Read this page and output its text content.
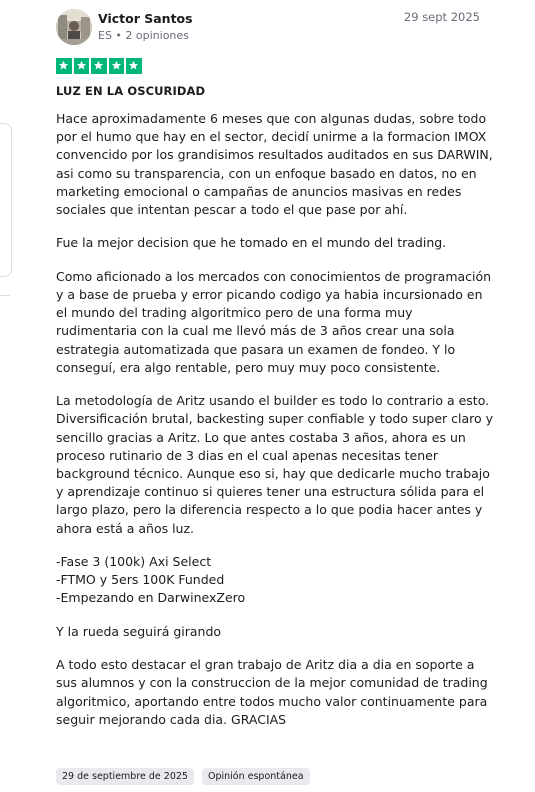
Victor Santos
ES • 2 opiniones
29 sept 2025
LUZ EN LA OSCURIDAD

Hace aproximadamente 6 meses que con algunas dudas, sobre todo por el humo que hay en el sector, decidí unirme a la formacion IMOX convencido por los grandisimos resultados auditados en sus DARWIN, asi como su transparencia, con un enfoque basado en datos, no en marketing emocional o campañas de anuncios masivas en redes sociales que intentan pescar a todo el que pase por ahí.

Fue la mejor decision que he tomado en el mundo del trading.

Como aficionado a los mercados con conocimientos de programación y a base de prueba y error picando codigo ya habia incursionado en el mundo del trading algoritmico pero de una forma muy rudimentaria con la cual me llevó más de 3 años crear una sola estrategia automatizada que pasara un examen de fondeo. Y lo conseguí, era algo rentable, pero muy muy poco consistente.

La metodología de Aritz usando el builder es todo lo contrario a esto. Diversificación brutal, backesting super confiable y todo super claro y sencillo gracias a Aritz. Lo que antes costaba 3 años, ahora es un proceso rutinario de 3 dias en el cual apenas necesitas tener background técnico. Aunque eso si, hay que dedicarle mucho trabajo y aprendizaje continuo si quieres tener una estructura sólida para el largo plazo, pero la diferencia respecto a lo que podia hacer antes y ahora está a años luz.

-Fase 3 (100k) Axi Select
-FTMO y 5ers 100K Funded
-Empezando en DarwinexZero

Y la rueda seguirá girando

A todo esto destacar el gran trabajo de Aritz dia a dia en soporte a sus alumnos y con la construccion de la mejor comunidad de trading algoritmico, aportando entre todos mucho valor continuamente para seguir mejorando cada dia. GRACIAS

29 de septiembre de 2025	Opinión espontánea
